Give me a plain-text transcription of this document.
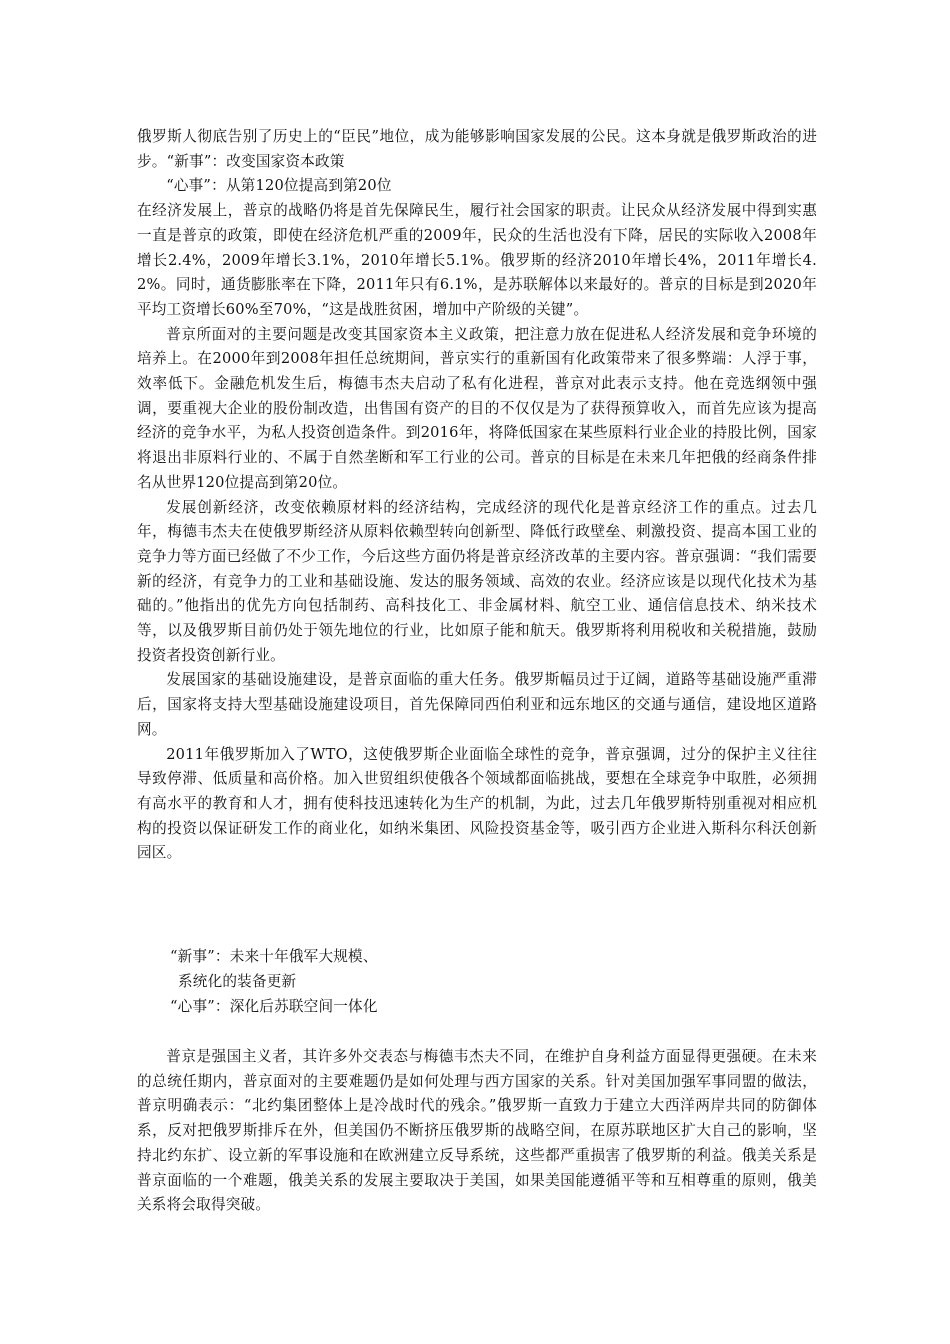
俄罗斯人彻底告别了历史上的“臣民”地位，成为能够影响国家发展的公民。这本身就是俄罗斯政治的进步。“新事”：改变国家资本政策

“心事”：从第120位提高到第20位

在经济发展上，普京的战略仍将是首先保障民生，履行社会国家的职责。让民众从经济发展中得到实惠一直是普京的政策，即使在经济危机严重的2009年，民众的生活也没有下降，居民的实际收入2008年增长2.4%，2009年增长3.1%，2010年增长5.1%。俄罗斯的经济2010年增长4%，2011年增长4.2%。同时，通货膨胀率在下降，2011年只有6.1%，是苏联解体以来最好的。普京的目标是到2020年平均工资增长60%至70%，“这是战胜贫困，增加中产阶级的关键”。

普京所面对的主要问题是改变其国家资本主义政策，把注意力放在促进私人经济发展和竞争环境的培养上。在2000年到2008年担任总统期间，普京实行的重新国有化政策带来了很多弊端：人浮于事，效率低下。金融危机发生后，梅德韦杰夫启动了私有化进程，普京对此表示支持。他在竞选纲领中强调，要重视大企业的股份制改造，出售国有资产的目的不仅仅是为了获得预算收入，而首先应该为提高经济的竞争水平，为私人投资创造条件。到2016年，将降低国家在某些原料行业企业的持股比例，国家将退出非原料行业的、不属于自然垄断和军工行业的公司。普京的目标是在未来几年把俄的经商条件排名从世界120位提高到第20位。

发展创新经济，改变依赖原材料的经济结构，完成经济的现代化是普京经济工作的重点。过去几年，梅德韦杰夫在使俄罗斯经济从原料依赖型转向创新型、降低行政壁垒、刺激投资、提高本国工业的竞争力等方面已经做了不少工作，今后这些方面仍将是普京经济改革的主要内容。普京强调：“我们需要新的经济，有竞争力的工业和基础设施、发达的服务领域、高效的农业。经济应该是以现代化技术为基础的。”他指出的优先方向包括制药、高科技化工、非金属材料、航空工业、通信信息技术、纳米技术等，以及俄罗斯目前仍处于领先地位的行业，比如原子能和航天。俄罗斯将利用税收和关税措施，鼓励投资者投资创新行业。

发展国家的基础设施建设，是普京面临的重大任务。俄罗斯幅员过于辽阔，道路等基础设施严重滞后，国家将支持大型基础设施建设项目，首先保障同西伯利亚和远东地区的交通与通信，建设地区道路网。

2011年俄罗斯加入了WTO，这使俄罗斯企业面临全球性的竞争，普京强调，过分的保护主义往往导致停滞、低质量和高价格。加入世贸组织使俄各个领域都面临挑战，要想在全球竞争中取胜，必须拥有高水平的教育和人才，拥有使科技迅速转化为生产的机制，为此，过去几年俄罗斯特别重视对相应机构的投资以保证研发工作的商业化，如纳米集团、风险投资基金等，吸引西方企业进入斯科尔科沃创新园区。

“新事”：未来十年俄军大规模、
系统化的装备更新
“心事”：深化后苏联空间一体化

普京是强国主义者，其许多外交表态与梅德韦杰夫不同，在维护自身利益方面显得更强硬。在未来的总统任期内，普京面对的主要难题仍是如何处理与西方国家的关系。针对美国加强军事同盟的做法，普京明确表示：“北约集团整体上是冷战时代的残余。”俄罗斯一直致力于建立大西洋两岸共同的防御体系，反对把俄罗斯排斥在外，但美国仍不断挤压俄罗斯的战略空间，在原苏联地区扩大自己的影响，坚持北约东扩、设立新的军事设施和在欧洲建立反导系统，这些都严重损害了俄罗斯的利益。俄美关系是普京面临的一个难题，俄美关系的发展主要取决于美国，如果美国能遵循平等和互相尊重的原则，俄美关系将会取得突破。
